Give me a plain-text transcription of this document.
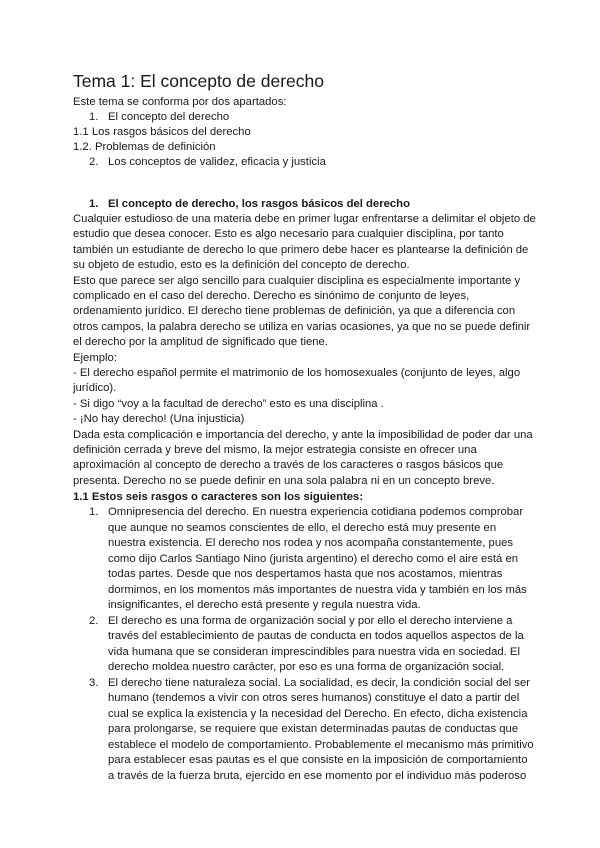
Tema 1: El concepto de derecho
Este tema se conforma por dos apartados:
1. El concepto del derecho
1.1 Los rasgos básicos del derecho
1.2. Problemas de definición
2. Los conceptos de validez, eficacia y justicia
1. El concepto de derecho, los rasgos básicos del derecho
Cualquier estudioso de una materia debe en primer lugar enfrentarse a delimitar el objeto de
estudio que desea conocer. Esto es algo necesario para cualquier disciplina, por tanto
también un estudiante de derecho lo que primero debe hacer es plantearse la definición de
su objeto de estudio, esto es la definición del concepto de derecho.
Esto que parece ser algo sencillo para cualquier disciplina es especialmente importante y
complicado en el caso del derecho. Derecho es sinónimo de conjunto de leyes,
ordenamiento jurídico. El derecho tiene problemas de definición, ya que a diferencia con
otros campos, la palabra derecho se utiliza en varias ocasiones, ya que no se puede definir
el derecho por la amplitud de significado que tiene.
Ejemplo:
- El derecho español permite el matrimonio de los homosexuales (conjunto de leyes, algo
jurídico).
- Si digo “voy a la facultad de derecho” esto es una disciplina .
- ¡No hay derecho! (Una injusticia)
Dada esta complicación e importancia del derecho, y ante la imposibilidad de poder dar una
definición cerrada y breve del mismo, la mejor estrategia consiste en ofrecer una
aproximación al concepto de derecho a través de los caracteres o rasgos básicos que
presenta. Derecho no se puede definir en una sola palabra ni en un concepto breve.
1.1 Estos seis rasgos o caracteres son los siguientes:
1. Omnipresencia del derecho. En nuestra experiencia cotidiana podemos comprobar
que aunque no seamos conscientes de ello, el derecho está muy presente en
nuestra existencia. El derecho nos rodea y nos acompaña constantemente, pues
como dijo Carlos Santiago Nino (jurista argentino) el derecho como el aire está en
todas partes. Desde que nos despertamos hasta que nos acostamos, mientras
dormimos, en los momentos más importantes de nuestra vida y también en los más
insignificantes, el derecho está presente y regula nuestra vida.
2. El derecho es una forma de organización social y por ello el derecho interviene a
través del establecimiento de pautas de conducta en todos aquellos aspectos de la
vida humana que se consideran imprescindibles para nuestra vida en sociedad. El
derecho moldea nuestro carácter, por eso es una forma de organización social.
3. El derecho tiene naturaleza social. La socialidad, es decir, la condición social del ser
humano (tendemos a vivir con otros seres humanos) constituye el dato a partir del
cual se explica la existencia y la necesidad del Derecho. En efecto, dicha existencia
para prolongarse, se requiere que existan determinadas pautas de conductas que
establece el modelo de comportamiento. Probablemente el mecanismo más primitivo
para establecer esas pautas es el que consiste en la imposición de comportamiento
a través de la fuerza bruta, ejercido en ese momento por el individuo más poderoso
